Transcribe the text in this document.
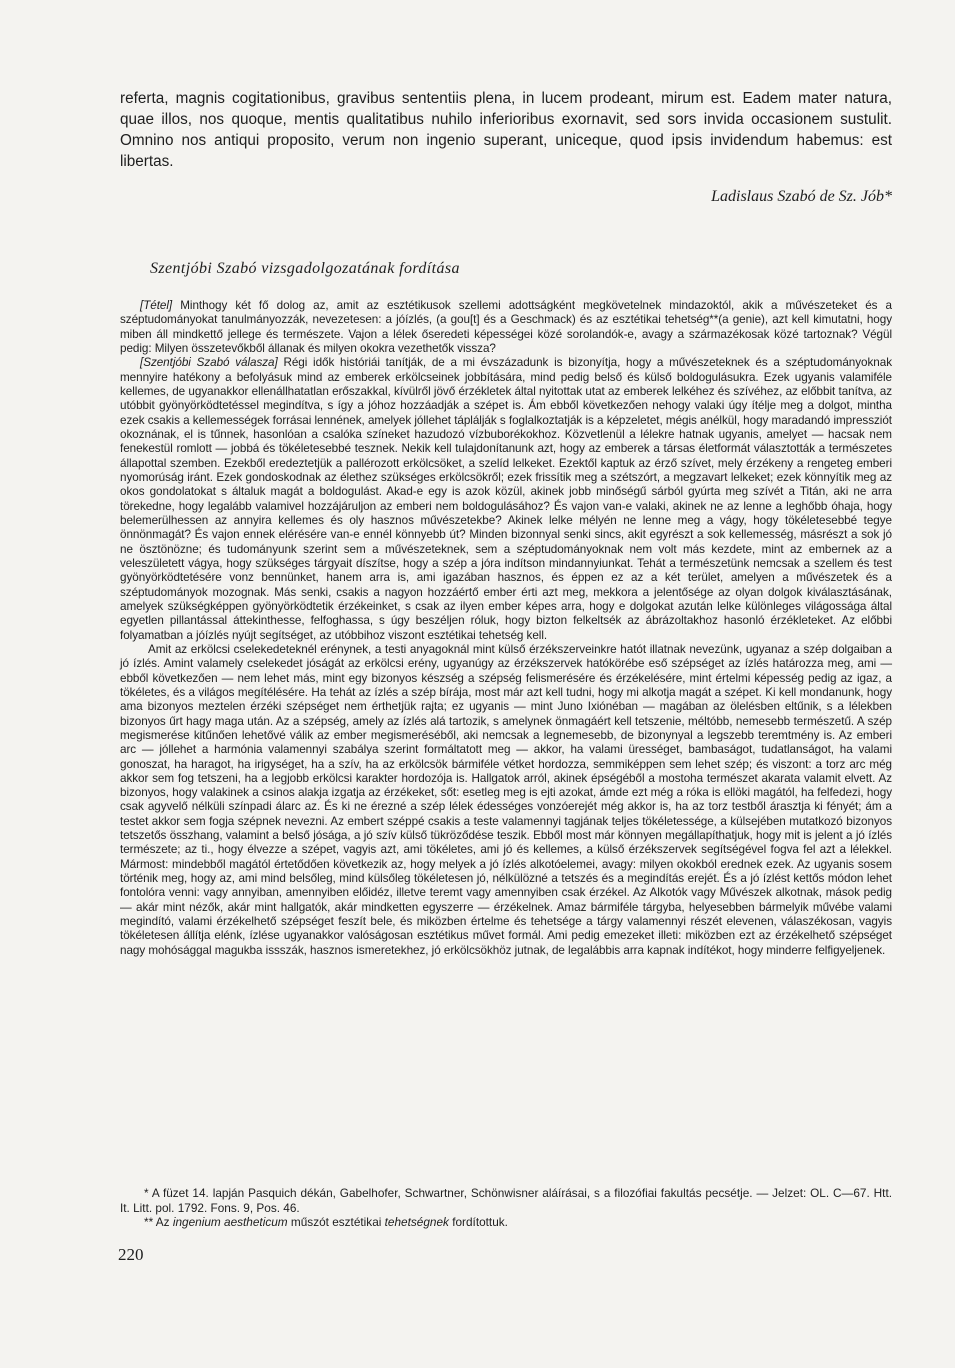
referta, magnis cogitationibus, gravibus sententiis plena, in lucem prodeant, mirum est. Eadem mater natura, quae illos, nos quoque, mentis qualitatibus nuhilo inferioribus exornavit, sed sors invida occasionem sustulit. Omnino nos antiqui proposito, verum non ingenio superant, uniceque, quod ipsis invidendum habemus: est libertas.

Ladislaus Szabó de Sz. Jób*

Szentjóbi Szabó vizsgadolgozatának fordítása

[Tétel] Minthogy két fő dolog az, amit az esztétikusok szellemi adottságként megkövetelnek mindazoktól, akik a művészeteket és a széptudományokat tanulmányozzák, nevezetesen: a jóízlés, (a gou[t] és a Geschmack) és az esztétikai tehetség**(a genie), azt kell kimutatni, hogy miben áll mindkettő jellege és természete. Vajon a lélek őseredeti képességei közé sorolandók-e, avagy a származékosak közé tartoznak? Végül pedig: Milyen összetevőkből állanak és milyen okokra vezethetők vissza?

[Szentjóbi Szabó válasza] Régi idők históriái tanítják, de a mi évszázadunk is bizonyítja, hogy a művészeteknek és a széptudományoknak mennyire hatékony a befolyásuk mind az emberek erkölcseinek jobbítására, mind pedig belső és külső boldogulásukra. Ezek ugyanis valamiféle kellemes, de ugyanakkor ellenállhatatlan erőszakkal, kívülről jövő érzékletek által nyitottak utat az emberek lelkéhez és szívéhez, az előbbit tanítva, az utóbbit gyönyörködtetéssel megindítva, s így a jóhoz hozzáadják a szépet is. Ám ebből következően nehogy valaki úgy ítélje meg a dolgot, mintha ezek csakis a kellemességek forrásai lennének, amelyek jóllehet táplálják s foglalkoztatják is a képzeletet, mégis anélkül, hogy maradandó impressziót okoznának, el is tűnnek, hasonlóan a csalóka színeket hazudozó vízbuborékokhoz. Közvetlenül a lélekre hatnak ugyanis, amelyet — hacsak nem fenekestül romlott — jobbá és tökéletesebbé tesznek. Nekik kell tulajdonítanunk azt, hogy az emberek a társas életformát választották a természetes állapottal szemben. Ezekből eredeztetjük a pallérozott erkölcsöket, a szelíd lelkeket. Ezektől kaptuk az érző szívet, mely érzékeny a rengeteg emberi nyomorúság iránt. Ezek gondoskodnak az élethez szükséges erkölcsökről; ezek frissítik meg a szétszórt, a megzavart lelkeket; ezek könnyítik meg az okos gondolatokat s általuk magát a boldogulást. Akad-e egy is azok közül, akinek jobb minőségű sárból gyúrta meg szívét a Titán, aki ne arra törekedne, hogy legalább valamivel hozzájáruljon az emberi nem boldogulásához? És vajon van-e valaki, akinek ne az lenne a leghőbb óhaja, hogy belemerülhessen az annyira kellemes és oly hasznos művészetekbe? Akinek lelke mélyén ne lenne meg a vágy, hogy tökéletesebbé tegye önnönmagát? És vajon ennek elérésére van-e ennél könnyebb út? Minden bizonnyal senki sincs, akit egyrészt a sok kellemesség, másrészt a sok jó ne ösztönözne; és tudományunk szerint sem a művészeteknek, sem a széptudományoknak nem volt más kezdete, mint az embernek az a veleszületett vágya, hogy szükséges tárgyait díszítse, hogy a szép a jóra indítson mindannyiunkat. Tehát a természetünk nemcsak a szellem és test gyönyörködtetésére vonz bennünket, hanem arra is, ami igazában hasznos, és éppen ez az a két terület, amelyen a művészetek és a széptudományok mozognak. Más senki, csakis a nagyon hozzáértő ember érti azt meg, mekkora a jelentősége az olyan dolgok kiválasztásának, amelyek szükségképpen gyönyörködtetik érzékeinket, s csak az ilyen ember képes arra, hogy e dolgokat azután lelke különleges világossága által egyetlen pillantással áttekinthesse, felfoghassa, s úgy beszéljen róluk, hogy bizton felkeltsék az ábrázoltakhoz hasonló érzékleteket. Az előbbi folyamatban a jóízlés nyújt segítséget, az utóbbihoz viszont esztétikai tehetség kell.

Amit az erkölcsi cselekedeteknél erénynek, a testi anyagoknál mint külső érzékszerveinkre hatót illatnak nevezünk, ugyanaz a szép dolgaiban a jó ízlés. Amint valamely cselekedet jóságát az erkölcsi erény, ugyanúgy az érzékszervek hatókörébe eső szépséget az ízlés határozza meg, ami — ebből következően — nem lehet más, mint egy bizonyos készség a szépség felismerésére és érzékelésére, mint értelmi képesség pedig az igaz, a tökéletes, és a világos megítélésére. Ha tehát az ízlés a szép bírája, most már azt kell tudni, hogy mi alkotja magát a szépet. Ki kell mondanunk, hogy ama bizonyos meztelen érzéki szépséget nem érthetjük rajta; ez ugyanis — mint Juno Ixiónéban — magában az ölelésben eltűnik, s a lélekben bizonyos űrt hagy maga után. Az a szépség, amely az ízlés alá tartozik, s amelynek önmagáért kell tetszenie, méltóbb, nemesebb természetű. A szép megismerése kitűnően lehetővé válik az ember megismeréséből, aki nemcsak a legnemesebb, de bizonynyal a legszebb teremtmény is. Az emberi arc — jóllehet a harmónia valamennyi szabálya szerint formáltatott meg — akkor, ha valami ürességet, bambaságot, tudatlanságot, ha valami gonoszat, ha haragot, ha irigységet, ha a szív, ha az erkölcsök bármiféle vétket hordozza, semmiképpen sem lehet szép; és viszont: a torz arc még akkor sem fog tetszeni, ha a legjobb erkölcsi karakter hordozója is. Hallgatok arról, akinek épségéből a mostoha természet akarata valamit elvett. Az bizonyos, hogy valakinek a csinos alakja izgatja az érzékeket, sőt: esetleg meg is ejti azokat, ámde ezt még a róka is ellöki magától, ha felfedezi, hogy csak agyvelő nélküli színpadi álarc az. És ki ne érezné a szép lélek édességes vonzóerejét még akkor is, ha az torz testből árasztja ki fényét; ám a testet akkor sem fogja szépnek nevezni. Az embert széppé csakis a teste valamennyi tagjának teljes tökéletessége, a külsejében mutatkozó bizonyos tetszetős összhang, valamint a belső jósága, a jó szív külső tükröződése teszik. Ebből most már könnyen megállapíthatjuk, hogy mit is jelent a jó ízlés természete; az ti., hogy élvezze a szépet, vagyis azt, ami tökéletes, ami jó és kellemes, a külső érzékszervek segítségével fogva fel azt a lélekkel. Mármost: mindebből magától értetődően következik az, hogy melyek a jó ízlés alkotóelemei, avagy: milyen okokból erednek ezek. Az ugyanis sosem történik meg, hogy az, ami mind belsőleg, mind külsőleg tökéletesen jó, nélkülözné a tetszés és a megindítás erejét. És a jó ízlést kettős módon lehet fontolóra venni: vagy annyiban, amennyiben előidéz, illetve teremt vagy amennyiben csak érzékel. Az Alkotók vagy Művészek alkotnak, mások pedig — akár mint nézők, akár mint hallgatók, akár mindketten egyszerre — érzékelnek. Amaz bármiféle tárgyba, helyesebben bármelyik művébe valami megindító, valami érzékelhető szépséget feszít bele, és miközben értelme és tehetsége a tárgy valamennyi részét elevenen, válaszékosan, vagyis tökéletesen állítja elénk, ízlése ugyanakkor valóságosan esztétikus művet formál. Ami pedig emezeket illeti: miközben ezt az érzékelhető szépséget nagy mohósággal magukba issszák, hasznos ismeretekhez, jó erkölcsökhöz jutnak, de legalábbis arra kapnak indítékot, hogy minderre felfigyeljenek.

* A füzet 14. lapján Pasquich dékán, Gabelhofer, Schwartner, Schönwisner aláírásai, s a filozófiai fakultás pecsétje. — Jelzet: OL. C—67. Htt. It. Litt. pol. 1792. Fons. 9, Pos. 46.

** Az ingenium aestheticum műszót esztétikai tehetségnek fordítottuk.

220
